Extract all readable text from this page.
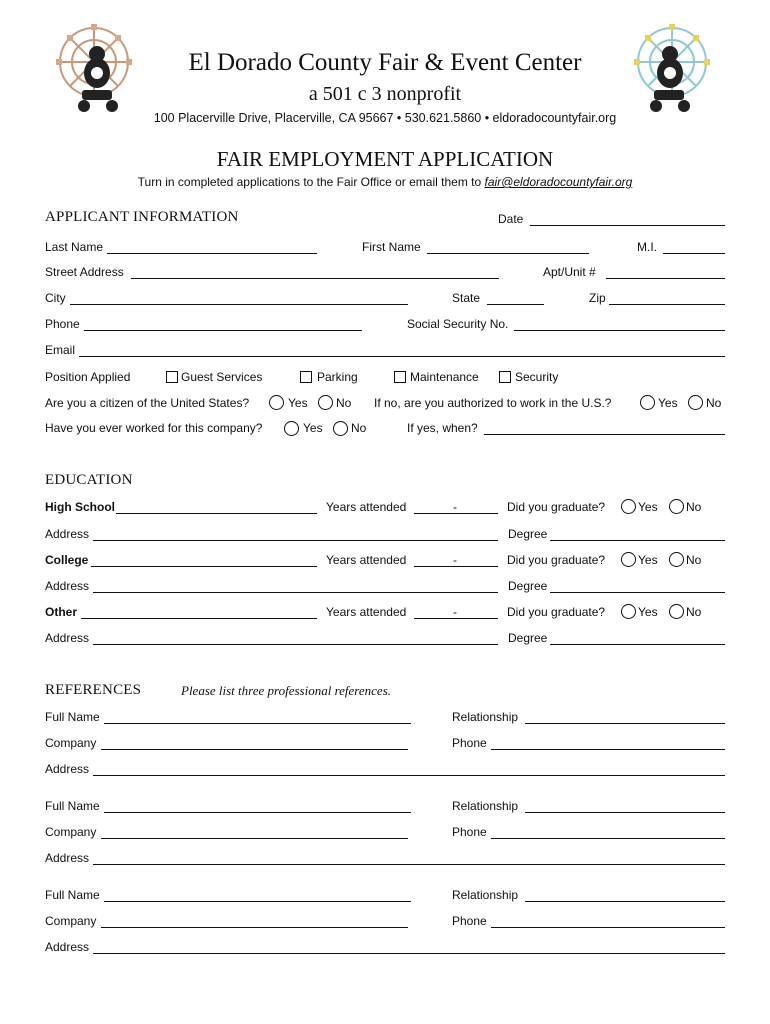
El Dorado County Fair & Event Center
a 501 c 3 nonprofit
100 Placerville Drive, Placerville, CA 95667 • 530.621.5860 • eldoradocountyfair.org
FAIR EMPLOYMENT APPLICATION
Turn in completed applications to the Fair Office or email them to fair@eldoradocountyfair.org
APPLICANT INFORMATION	Date
Last Name	First Name	M.I.
Street Address	Apt/Unit #
City	State	Zip
Phone	Social Security No.
Email
Position Applied	Guest Services	Parking	Maintenance	Security
Are you a citizen of the United States?	Yes No If no, are you authorized to work in the U.S.?	Yes No
Have you ever worked for this company?	Yes No	If yes, when?
EDUCATION
High School	Years attended	-	Did you graduate?	Yes No
Address	Degree
College	Years attended	-	Did you graduate?	Yes No
Address	Degree
Other	Years attended	-	Did you graduate?	Yes No
Address	Degree
REFERENCES	Please list three professional references.
Full Name	Relationship
Company	Phone
Address
Full Name	Relationship
Company	Phone
Address
Full Name	Relationship
Company	Phone
Address
